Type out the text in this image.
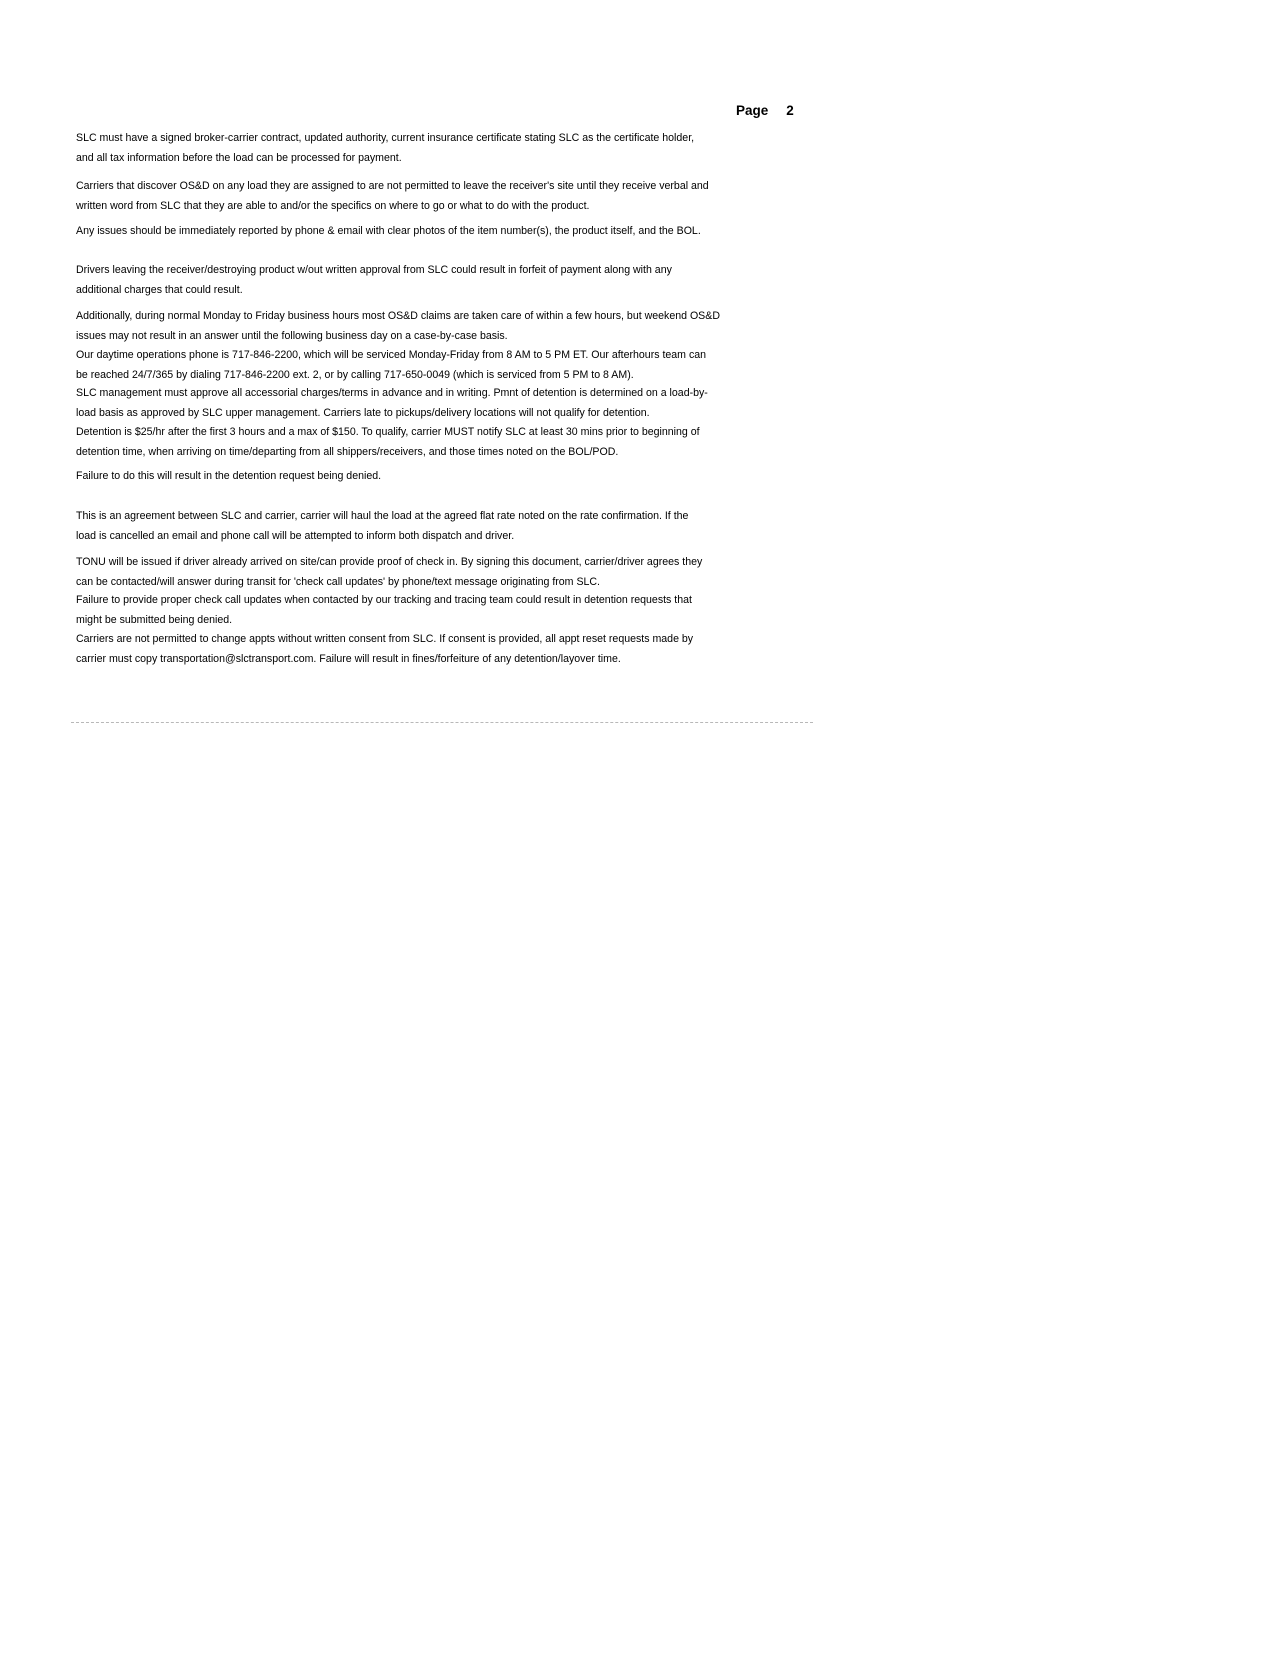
Page 2
SLC must have a signed broker-carrier contract, updated authority, current insurance certificate stating SLC as the certificate holder,
and all tax information before the load can be processed for payment.
Carriers that discover OS&D on any load they are assigned to are not permitted to leave the receiver's site until they receive verbal and
written word from SLC that they are able to and/or the specifics on where to go or what to do with the product.
Any issues should be immediately reported by phone & email with clear photos of the item number(s), the product itself, and the BOL.
Drivers leaving the receiver/destroying product w/out written approval from SLC could result in forfeit of payment along with any
additional charges that could result.
Additionally, during normal Monday to Friday business hours most OS&D claims are taken care of within a few hours, but weekend OS&D
issues may not result in an answer until the following business day on a case-by-case basis.
Our daytime operations phone is 717-846-2200, which will be serviced Monday-Friday from 8 AM to 5 PM ET. Our afterhours team can
be reached 24/7/365 by dialing 717-846-2200 ext. 2, or by calling 717-650-0049 (which is serviced from 5 PM to 8 AM).
SLC management must approve all accessorial charges/terms in advance and in writing. Pmnt of detention is determined on a load-by-
load basis as approved by SLC upper management. Carriers late to pickups/delivery locations will not qualify for detention.
Detention is $25/hr after the first 3 hours and a max of $150. To qualify, carrier MUST notify SLC at least 30 mins prior to beginning of
detention time, when arriving on time/departing from all shippers/receivers, and those times noted on the BOL/POD.
Failure to do this will result in the detention request being denied.
This is an agreement between SLC and carrier, carrier will haul the load at the agreed flat rate noted on the rate confirmation. If the
load is cancelled an email and phone call will be attempted to inform both dispatch and driver.
TONU will be issued if driver already arrived on site/can provide proof of check in. By signing this document, carrier/driver agrees they
can be contacted/will answer during transit for 'check call updates' by phone/text message originating from SLC.
Failure to provide proper check call updates when contacted by our tracking and tracing team could result in detention requests that
might be submitted being denied.
Carriers are not permitted to change appts without written consent from SLC. If consent is provided, all appt reset requests made by
carrier must copy transportation@slctransport.com. Failure will result in fines/forfeiture of any detention/layover time.
